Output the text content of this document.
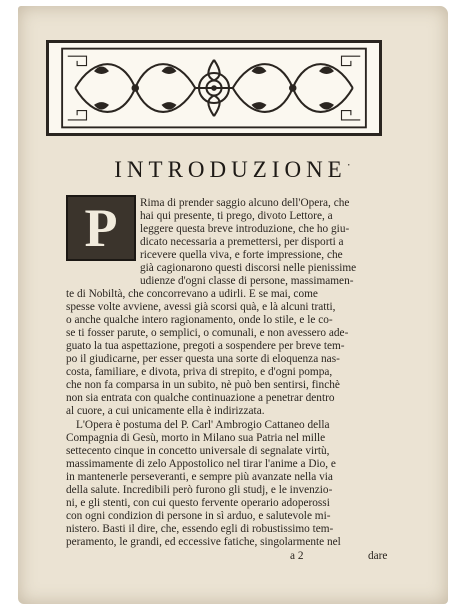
INTRODUZIONE·
P Rima di prender saggio alcuno dell'Opera, che
hai qui presente, ti prego, divoto Lettore, a
leggere questa breve introduzione, che ho giu-
dicato necessaria a premettersi, per disporti a
ricevere quella viva, e forte impressione, che
già cagionarono questi discorsi nelle pienissime
udienze d'ogni classe di persone, massimamen-
te di Nobiltà, che concorrevano a udirli. E se mai, come
spesse volte avviene, avessi già scorsi quà, e là alcuni tratti,
o anche qualche intero ragionamento, onde lo stile, e le co-
se ti fosser parute, o semplici, o comunali, e non avessero ade-
guato la tua aspettazione, pregoti a sospendere per breve tem-
po il giudicarne, per esser questa una sorte di eloquenza nas-
costa, familiare, e divota, priva di strepito, e d'ogni pompa,
che non fa comparsa in un subito, nè può ben sentirsi, finchè
non sia entrata con qualche continuazione a penetrar dentro
al cuore, a cui unicamente ella è indirizzata.
L'Opera è postuma del P. Carl' Ambrogio Cattaneo della
Compagnia di Gesù, morto in Milano sua Patria nel mille
settecento cinque in concetto universale di segnalate virtù,
massimamente di zelo Appostolico nel tirar l'anime a Dio, e
in mantenerle perseveranti, e sempre più avanzate nella via
della salute. Incredibili però furono gli studj, e le invenzio-
ni, e gli stenti, con cui questo fervente operario adoperossi
con ogni condizion di persone in sì arduo, e salutevole mi-
nistero. Basti il dire, che, essendo egli di robustissimo tem-
peramento, le grandi, ed eccessive fatiche, singolarmente nel
a 2	dare
